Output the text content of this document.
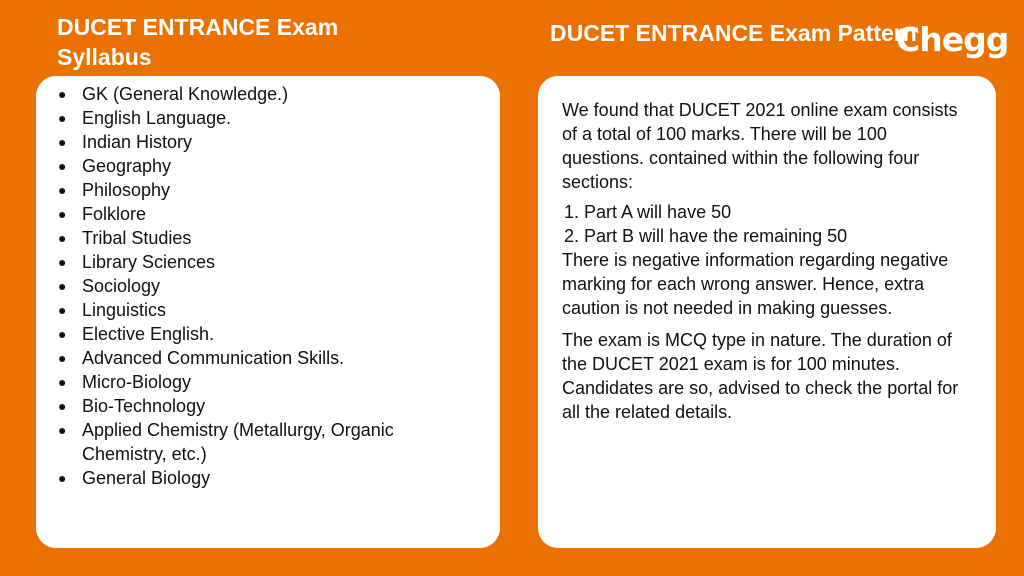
DUCET ENTRANCE Exam Syllabus
DUCET ENTRANCE Exam Pattern
Chegg
● GK (General Knowledge.)
● English Language.
● Indian History
● Geography
● Philosophy
● Folklore
● Tribal Studies
● Library Sciences
● Sociology
● Linguistics
● Elective English.
● Advanced Communication Skills.
● Micro-Biology
● Bio-Technology
● Applied Chemistry (Metallurgy, Organic Chemistry, etc.)
● General Biology

We found that DUCET 2021 online exam consists of a total of 100 marks. There will be 100 questions. contained within the following four sections:

1. Part A will have 50
2. Part B will have the remaining 50

There is negative information regarding negative marking for each wrong answer. Hence, extra caution is not needed in making guesses.

The exam is MCQ type in nature. The duration of the DUCET 2021 exam is for 100 minutes. Candidates are so, advised to check the portal for all the related details.
